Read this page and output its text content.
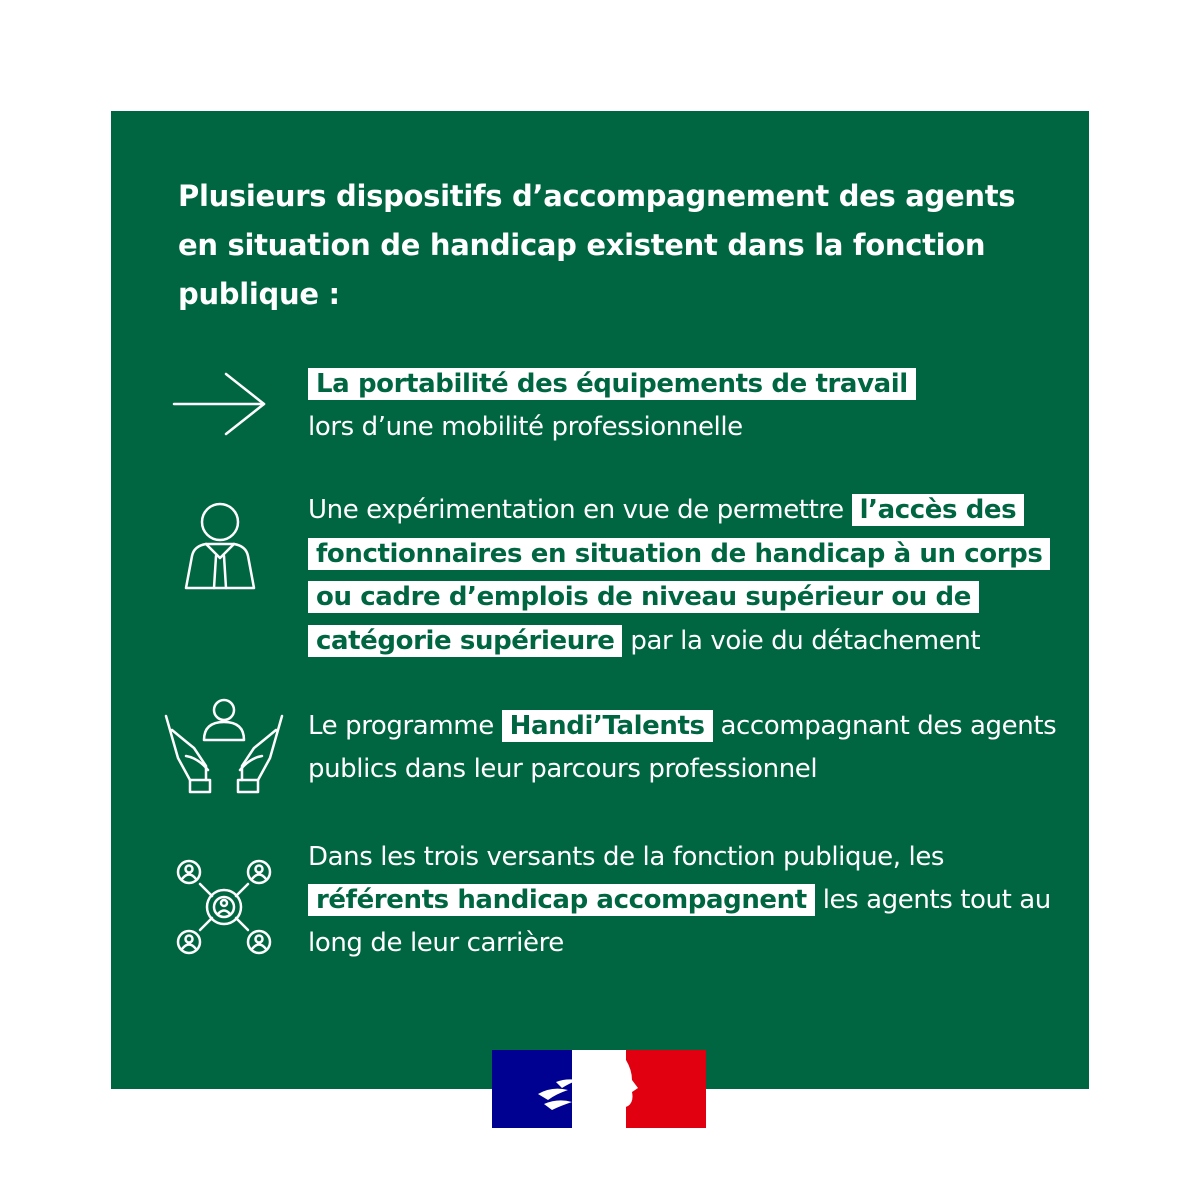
Plusieurs dispositifs d’accompagnement des agents en situation de handicap existent dans la fonction publique :

La portabilité des équipements de travail

lors d’une mobilité professionnelle

Une expérimentation en vue de permettre l’accès des fonctionnaires en situation de handicap à un corps ou cadre d’emplois de niveau supérieur ou de catégorie supérieure par la voie du détachement
Le programme Handi’Talents accompagnant des agents publics dans leur parcours professionnel
Dans les trois versants de la fonction publique, les référents handicap accompagnent les agents tout au long de leur carrière
